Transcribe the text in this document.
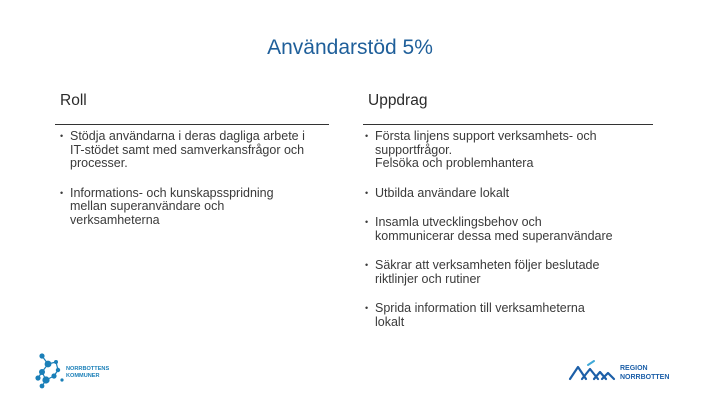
Användarstöd 5%
Roll	Uppdrag
• Stödja användarna i deras dagliga arbete i
IT-stödet samt med samverkansfrågor och
processer.
• Informations- och kunskapsspridning
mellan superanvändare och
verksamheterna
• Första linjens support verksamhets- och
supportfrågor.
Felsöka och problemhantera
• Utbilda användare lokalt
• Insamla utvecklingsbehov och
kommunicerar dessa med superanvändare
• Säkrar att verksamheten följer beslutade
riktlinjer och rutiner
• Sprida information till verksamheterna
lokalt
NORRBOTTENS
KOMMUNER
REGION
NORRBOTTEN
